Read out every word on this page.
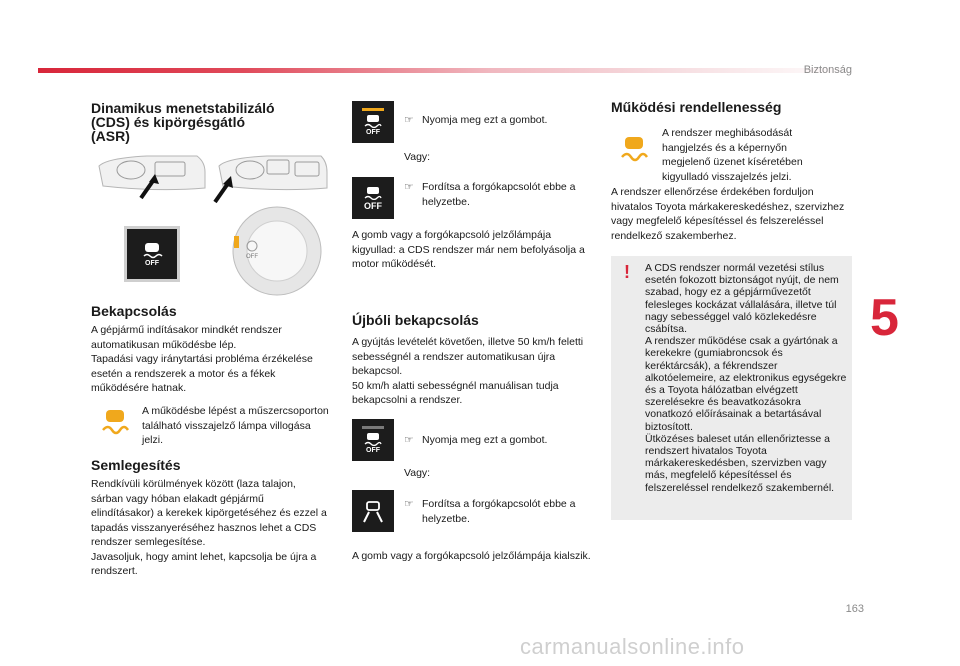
Biztonság
5
163
carmanualsonline.info
Dinamikus menetstabilizáló
(CDS) és kipörgésgátló
(ASR)
OFF
OFF
Bekapcsolás

A gépjármű indításakor mindkét rendszer automatikusan működésbe lép.
Tapadási vagy iránytartási probléma érzékelése esetén a rendszerek a motor és a fékek működésére hatnak.

A működésbe lépést a műszercsoporton található visszajelző lámpa villogása jelzi.

Semlegesítés

Rendkívüli körülmények között (laza talajon, sárban vagy hóban elakadt gépjármű elindításakor) a kerekek kipörgetéséhez és ezzel a tapadás visszanyeréséhez hasznos lehet a CDS rendszer semlegesítése.
Javasoljuk, hogy amint lehet, kapcsolja be újra a rendszert.

OFF
☞ Nyomja meg ezt a gombot.

Vagy:

OFF
☞ Fordítsa a forgókapcsolót ebbe a helyzetbe.

A gomb vagy a forgókapcsoló jelzőlámpája kigyullad: a CDS rendszer már nem befolyásolja a motor működését.

Újbóli bekapcsolás

A gyújtás levételét követően, illetve 50 km/h feletti sebességnél a rendszer automatikusan újra bekapcsol.
50 km/h alatti sebességnél manuálisan tudja bekapcsolni a rendszer.

OFF
☞ Nyomja meg ezt a gombot.

Vagy:

☞ Fordítsa a forgókapcsolót ebbe a helyzetbe.

A gomb vagy a forgókapcsoló jelzőlámpája kialszik.

Működési rendellenesség

A rendszer meghibásodását hangjelzés és a képernyőn megjelenő üzenet kíséretében kigyulladó visszajelzés jelzi.

A rendszer ellenőrzése érdekében forduljon hivatalos Toyota márkakereskedéshez, szervizhez vagy megfelelő képesítéssel és felszereléssel rendelkező szakemberhez.

! A CDS rendszer normál vezetési stílus esetén fokozott biztonságot nyújt, de nem szabad, hogy ez a gépjárművezetőt felesleges kockázat vállalására, illetve túl nagy sebességgel való közlekedésre csábítsa.
A rendszer működése csak a gyártónak a kerekekre (gumiabroncsok és keréktárcsák), a fékrendszer alkotóelemeire, az elektronikus egységekre és a Toyota hálózatban elvégzett szerelésekre és beavatkozásokra vonatkozó előírásainak a betartásával biztosított.
Ütközéses baleset után ellenőriztesse a rendszert hivatalos Toyota márkakereskedésben, szervizben vagy más, megfelelő képesítéssel és felszereléssel rendelkező szakembernél.
